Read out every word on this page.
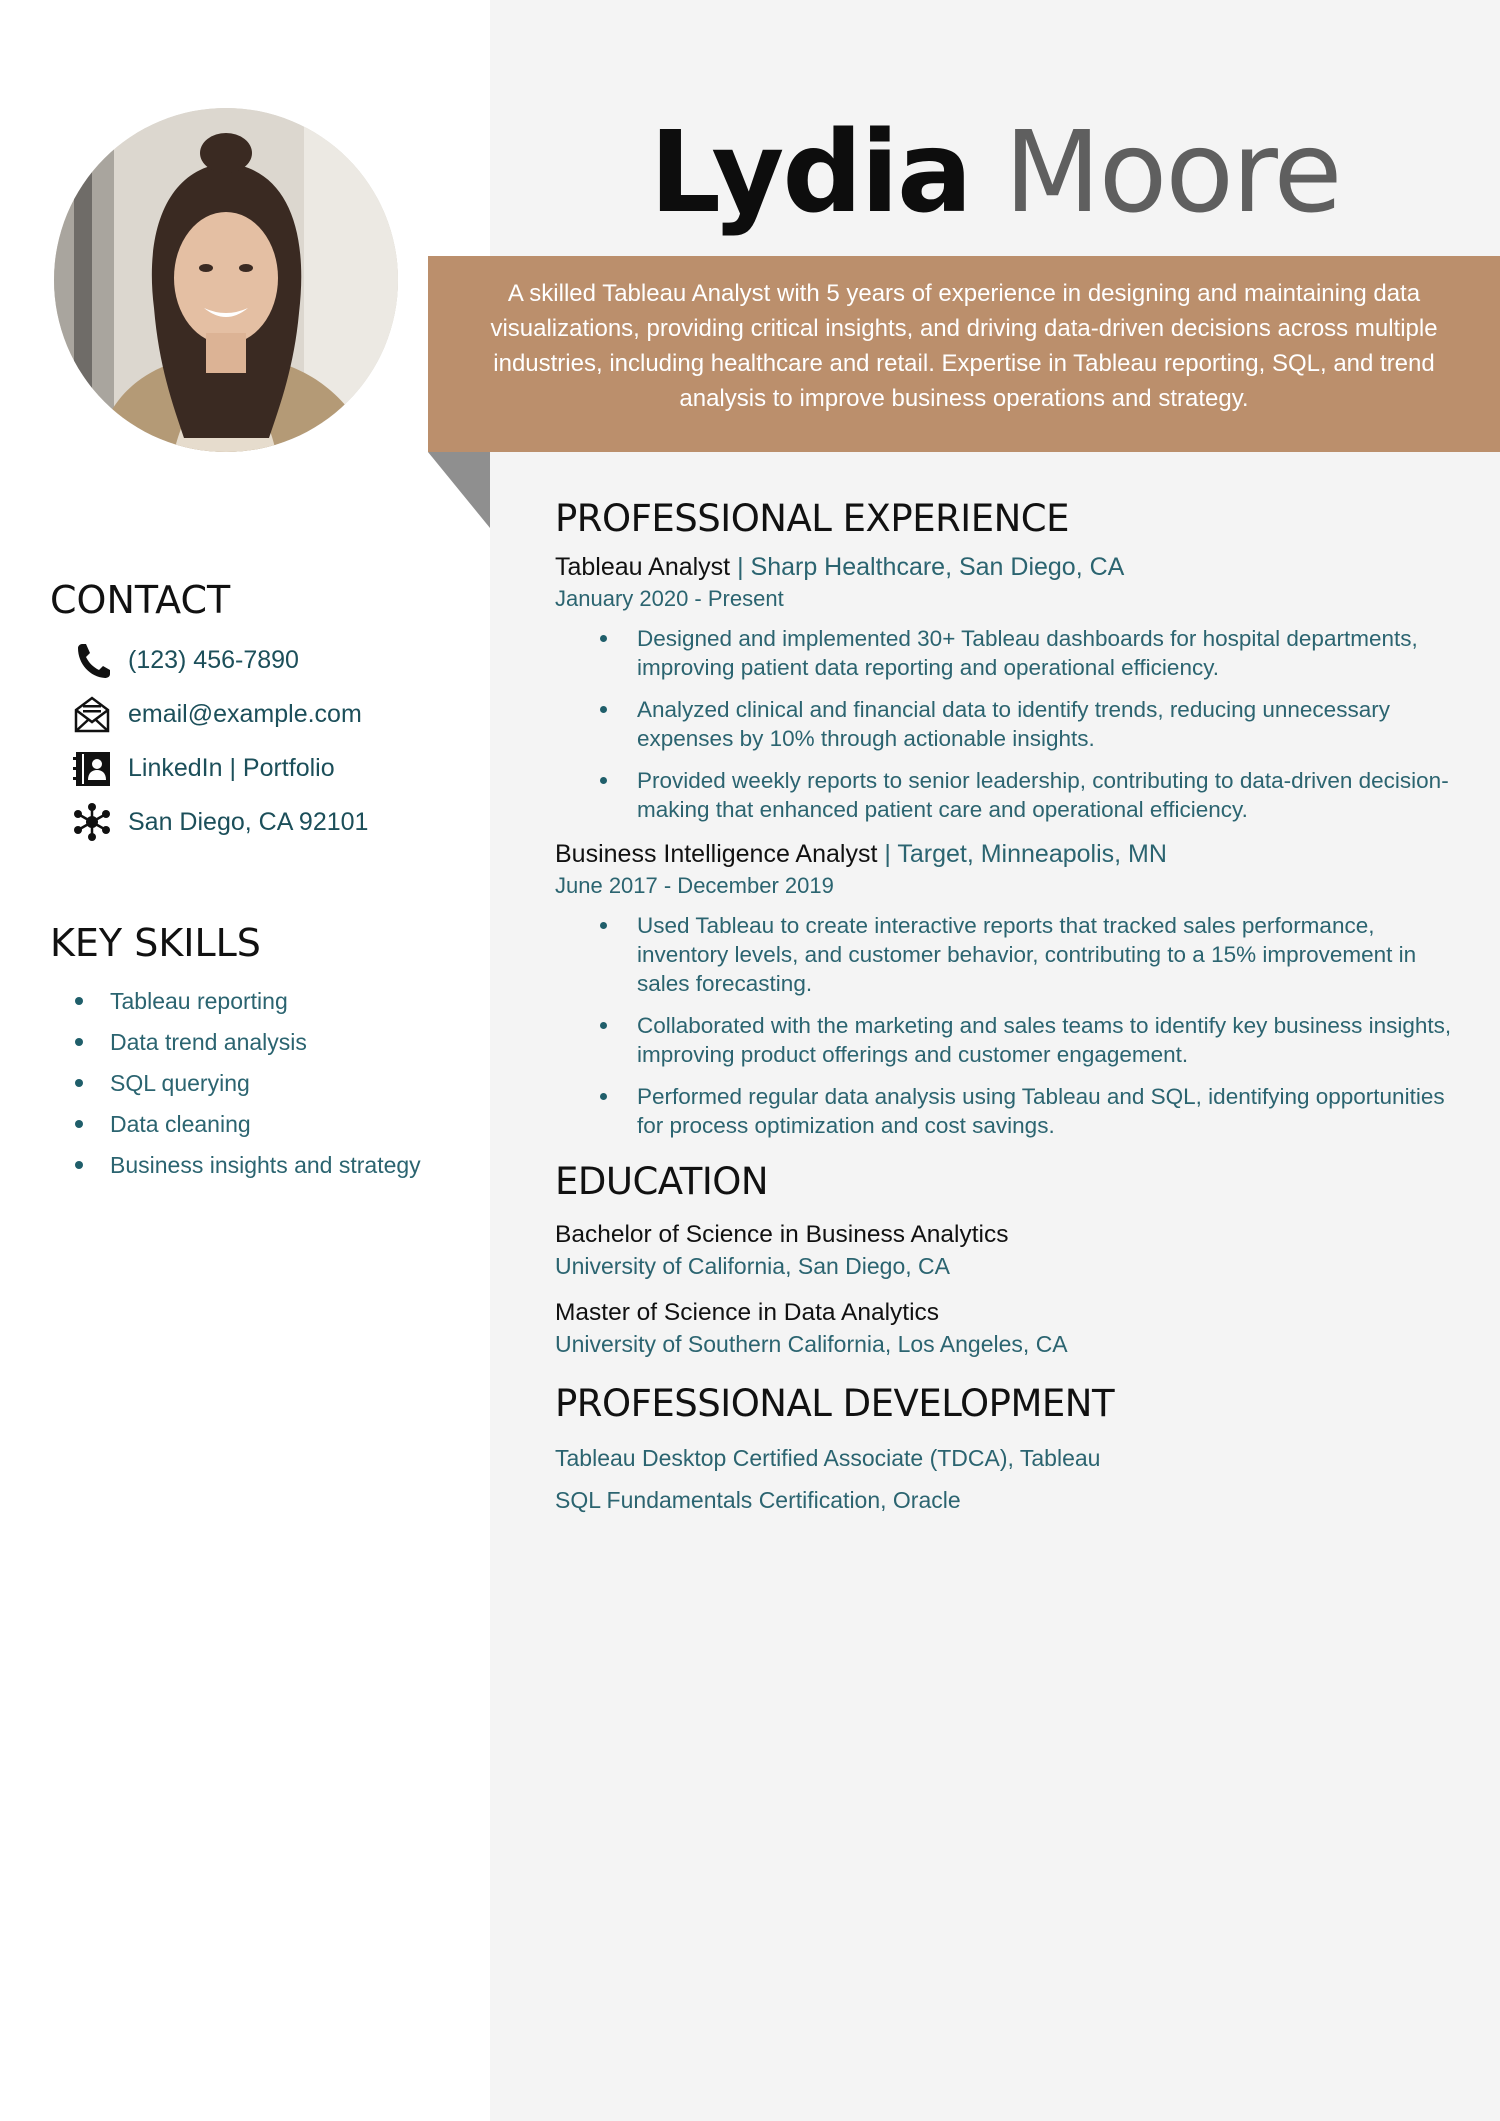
Lydia Moore
A skilled Tableau Analyst with 5 years of experience in designing and maintaining data visualizations, providing critical insights, and driving data-driven decisions across multiple industries, including healthcare and retail. Expertise in Tableau reporting, SQL, and trend analysis to improve business operations and strategy.
CONTACT
(123) 456-7890
email@example.com
LinkedIn | Portfolio
San Diego, CA 92101
KEY SKILLS
Tableau reporting
Data trend analysis
SQL querying
Data cleaning
Business insights and strategy
PROFESSIONAL EXPERIENCE
Tableau Analyst | Sharp Healthcare, San Diego, CA
January 2020 - Present
Designed and implemented 30+ Tableau dashboards for hospital departments, improving patient data reporting and operational efficiency.
Analyzed clinical and financial data to identify trends, reducing unnecessary expenses by 10% through actionable insights.
Provided weekly reports to senior leadership, contributing to data-driven decision-making that enhanced patient care and operational efficiency.
Business Intelligence Analyst | Target, Minneapolis, MN
June 2017 - December 2019
Used Tableau to create interactive reports that tracked sales performance, inventory levels, and customer behavior, contributing to a 15% improvement in sales forecasting.
Collaborated with the marketing and sales teams to identify key business insights, improving product offerings and customer engagement.
Performed regular data analysis using Tableau and SQL, identifying opportunities for process optimization and cost savings.
EDUCATION
Bachelor of Science in Business Analytics
University of California, San Diego, CA
Master of Science in Data Analytics
University of Southern California, Los Angeles, CA
PROFESSIONAL DEVELOPMENT
Tableau Desktop Certified Associate (TDCA), Tableau
SQL Fundamentals Certification, Oracle
